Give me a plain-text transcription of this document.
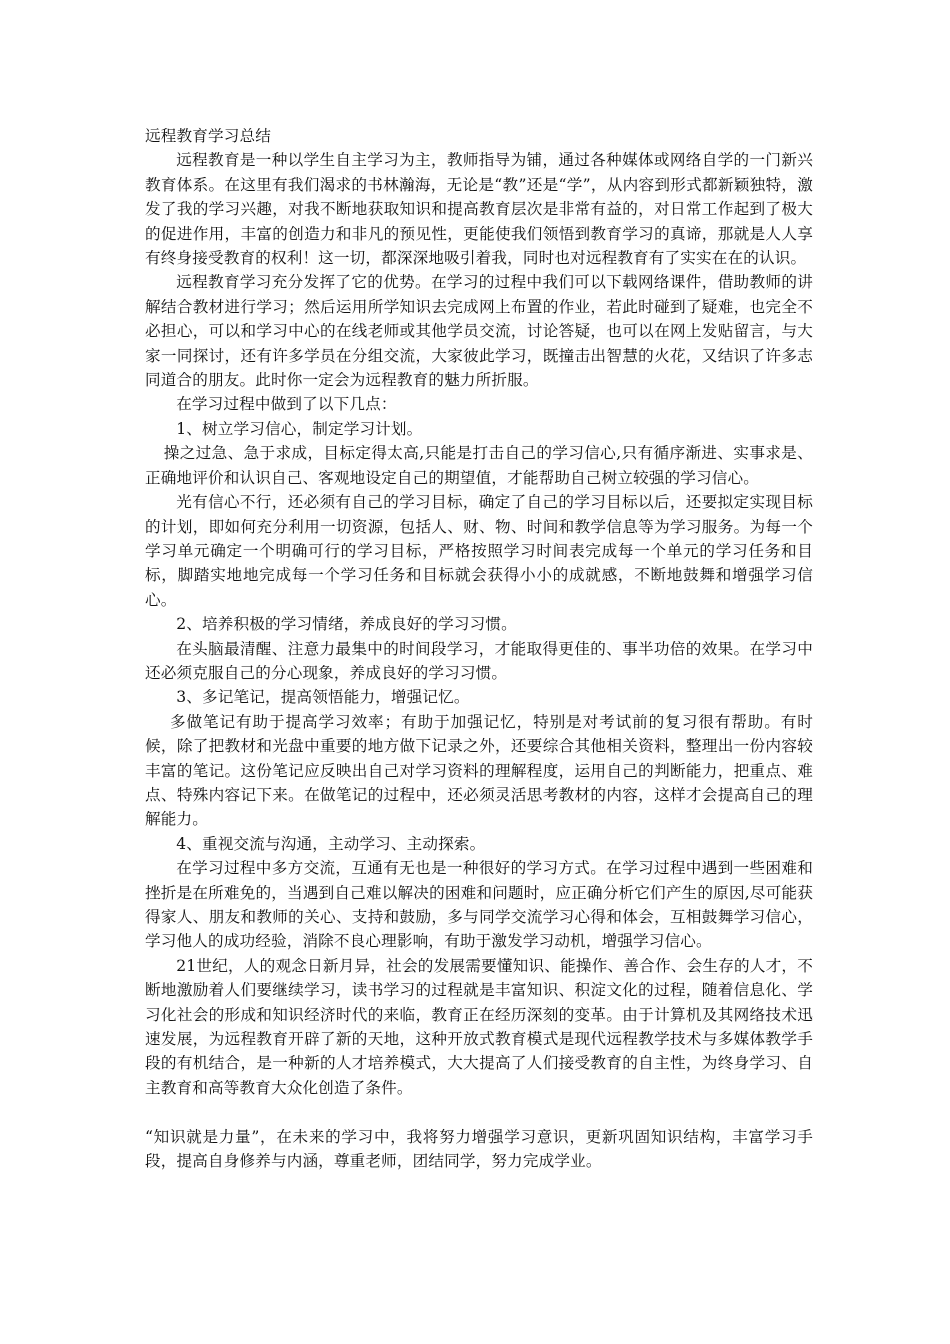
远程教育学习总结

远程教育是一种以学生自主学习为主，教师指导为铺，通过各种媒体或网络自学的一门新兴教育体系。在这里有我们渴求的书林瀚海，无论是“教”还是“学”，从内容到形式都新颖独特，激发了我的学习兴趣，对我不断地获取知识和提高教育层次是非常有益的，对日常工作起到了极大的促进作用，丰富的创造力和非凡的预见性，更能使我们领悟到教育学习的真谛，那就是人人享有终身接受教育的权利！这一切，都深深地吸引着我，同时也对远程教育有了实实在在的认识。

远程教育学习充分发挥了它的优势。在学习的过程中我们可以下载网络课件，借助教师的讲解结合教材进行学习；然后运用所学知识去完成网上布置的作业，若此时碰到了疑难，也完全不必担心，可以和学习中心的在线老师或其他学员交流，讨论答疑，也可以在网上发贴留言，与大家一同探讨，还有许多学员在分组交流，大家彼此学习，既撞击出智慧的火花，又结识了许多志同道合的朋友。此时你一定会为远程教育的魅力所折服。

在学习过程中做到了以下几点：

1、树立学习信心，制定学习计划。

操之过急、急于求成，目标定得太高,只能是打击自己的学习信心,只有循序渐进、实事求是、正确地评价和认识自己、客观地设定自己的期望值，才能帮助自己树立较强的学习信心。

光有信心不行，还必须有自己的学习目标，确定了自己的学习目标以后，还要拟定实现目标的计划，即如何充分利用一切资源，包括人、财、物、时间和教学信息等为学习服务。为每一个学习单元确定一个明确可行的学习目标，严格按照学习时间表完成每一个单元的学习任务和目标，脚踏实地地完成每一个学习任务和目标就会获得小小的成就感，不断地鼓舞和增强学习信心。

2、培养积极的学习情绪，养成良好的学习习惯。

在头脑最清醒、注意力最集中的时间段学习，才能取得更佳的、事半功倍的效果。在学习中还必须克服自己的分心现象，养成良好的学习习惯。

3、多记笔记，提高领悟能力，增强记忆。

多做笔记有助于提高学习效率；有助于加强记忆，特别是对考试前的复习很有帮助。有时候，除了把教材和光盘中重要的地方做下记录之外，还要综合其他相关资料，整理出一份内容较丰富的笔记。这份笔记应反映出自己对学习资料的理解程度，运用自己的判断能力，把重点、难点、特殊内容记下来。在做笔记的过程中，还必须灵活思考教材的内容，这样才会提高自己的理解能力。

4、重视交流与沟通，主动学习、主动探索。

在学习过程中多方交流，互通有无也是一种很好的学习方式。在学习过程中遇到一些困难和挫折是在所难免的，当遇到自己难以解决的困难和问题时，应正确分析它们产生的原因,尽可能获得家人、朋友和教师的关心、支持和鼓励，多与同学交流学习心得和体会，互相鼓舞学习信心，学习他人的成功经验，消除不良心理影响，有助于激发学习动机，增强学习信心。

21世纪，人的观念日新月异，社会的发展需要懂知识、能操作、善合作、会生存的人才，不断地激励着人们要继续学习，读书学习的过程就是丰富知识、积淀文化的过程，随着信息化、学习化社会的形成和知识经济时代的来临，教育正在经历深刻的变革。由于计算机及其网络技术迅速发展，为远程教育开辟了新的天地，这种开放式教育模式是现代远程教学技术与多媒体教学手段的有机结合，是一种新的人才培养模式，大大提高了人们接受教育的自主性，为终身学习、自主教育和高等教育大众化创造了条件。

“知识就是力量”，在未来的学习中，我将努力增强学习意识，更新巩固知识结构，丰富学习手段，提高自身修养与内涵，尊重老师，团结同学，努力完成学业。
